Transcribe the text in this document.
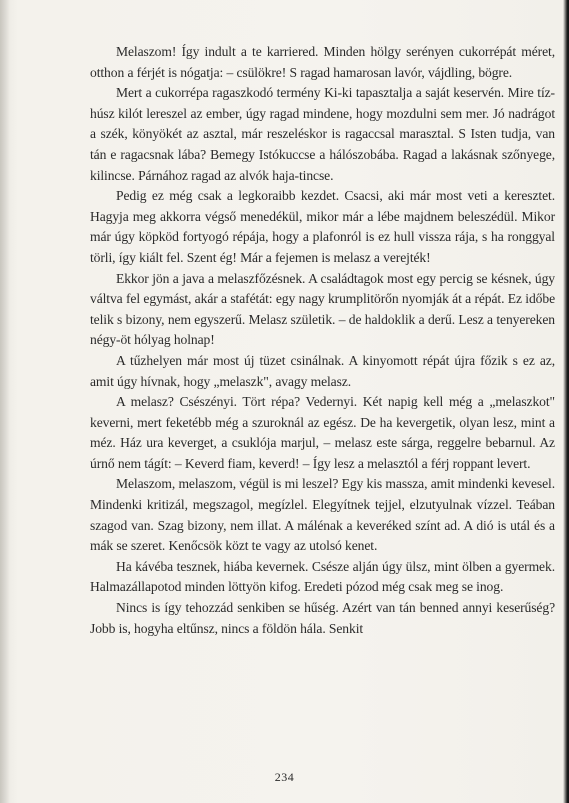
Melaszom! Így indult a te karriered. Minden hölgy serényen cukorrépát méret, otthon a férjét is nógatja: – csülökre! S ragad hamarosan lavór, vájdling, bögre.

Mert a cukorrépa ragaszkodó termény Ki-ki tapasztalja a saját keservén. Mire tíz-húsz kilót lereszel az ember, úgy ragad mindene, hogy mozdulni sem mer. Jó nadrágot a szék, könyökét az asztal, már reszeléskor is ragaccsal marasztal. S Isten tudja, van tán e ragacsnak lába? Bemegy Istókuccse a hálószobába. Ragad a lakásnak szőnyege, kilincse. Párnához ragad az alvók haja-tincse.

Pedig ez még csak a legkoraibb kezdet. Csacsi, aki már most veti a keresztet. Hagyja meg akkorra végső menedékül, mikor már a lébe majdnem beleszédül. Mikor már úgy köpköd fortyogó répája, hogy a plafonról is ez hull vissza rája, s ha ronggyal törli, így kiált fel. Szent ég! Már a fejemen is melasz a verejték!

Ekkor jön a java a melaszfőzésnek. A családtagok most egy percig se késnek, úgy váltva fel egymást, akár a stafétát: egy nagy krumplitörőn nyomják át a répát. Ez időbe telik s bizony, nem egyszerű. Melasz születik. – de haldoklik a derű. Lesz a tenyereken négy-öt hólyag holnap!

A tűzhelyen már most új tüzet csinálnak. A kinyomott répát újra főzik s ez az, amit úgy hívnak, hogy „melaszk", avagy melasz.

A melasz? Csészényi. Tört répa? Vedernyi. Két napig kell még a „melaszkot" keverni, mert feketébb még a szuroknál az egész. De ha kevergetik, olyan lesz, mint a méz. Ház ura keverget, a csuklója marjul, – melasz este sárga, reggelre bebarnul. Az úrnő nem tágít: – Keverd fiam, keverd! – Így lesz a melasztól a férj roppant levert.

Melaszom, melaszom, végül is mi leszel? Egy kis massza, amit mindenki kevesel. Mindenki kritizál, megszagol, megízlel. Elegyítnek tejjel, elzutyulnak vízzel. Teában szagod van. Szag bizony, nem illat. A málénak a keveréked színt ad. A dió is utál és a mák se szeret. Kenőcsök közt te vagy az utolsó kenet.

Ha kávéba tesznek, hiába kevernek. Csésze alján úgy ülsz, mint ölben a gyermek. Halmazállapotod minden löttyön kifog. Eredeti pózod még csak meg se inog.

Nincs is így tehozzád senkiben se hűség. Azért van tán benned annyi keserűség? Jobb is, hogyha eltűnsz, nincs a földön hála. Senkit

234
